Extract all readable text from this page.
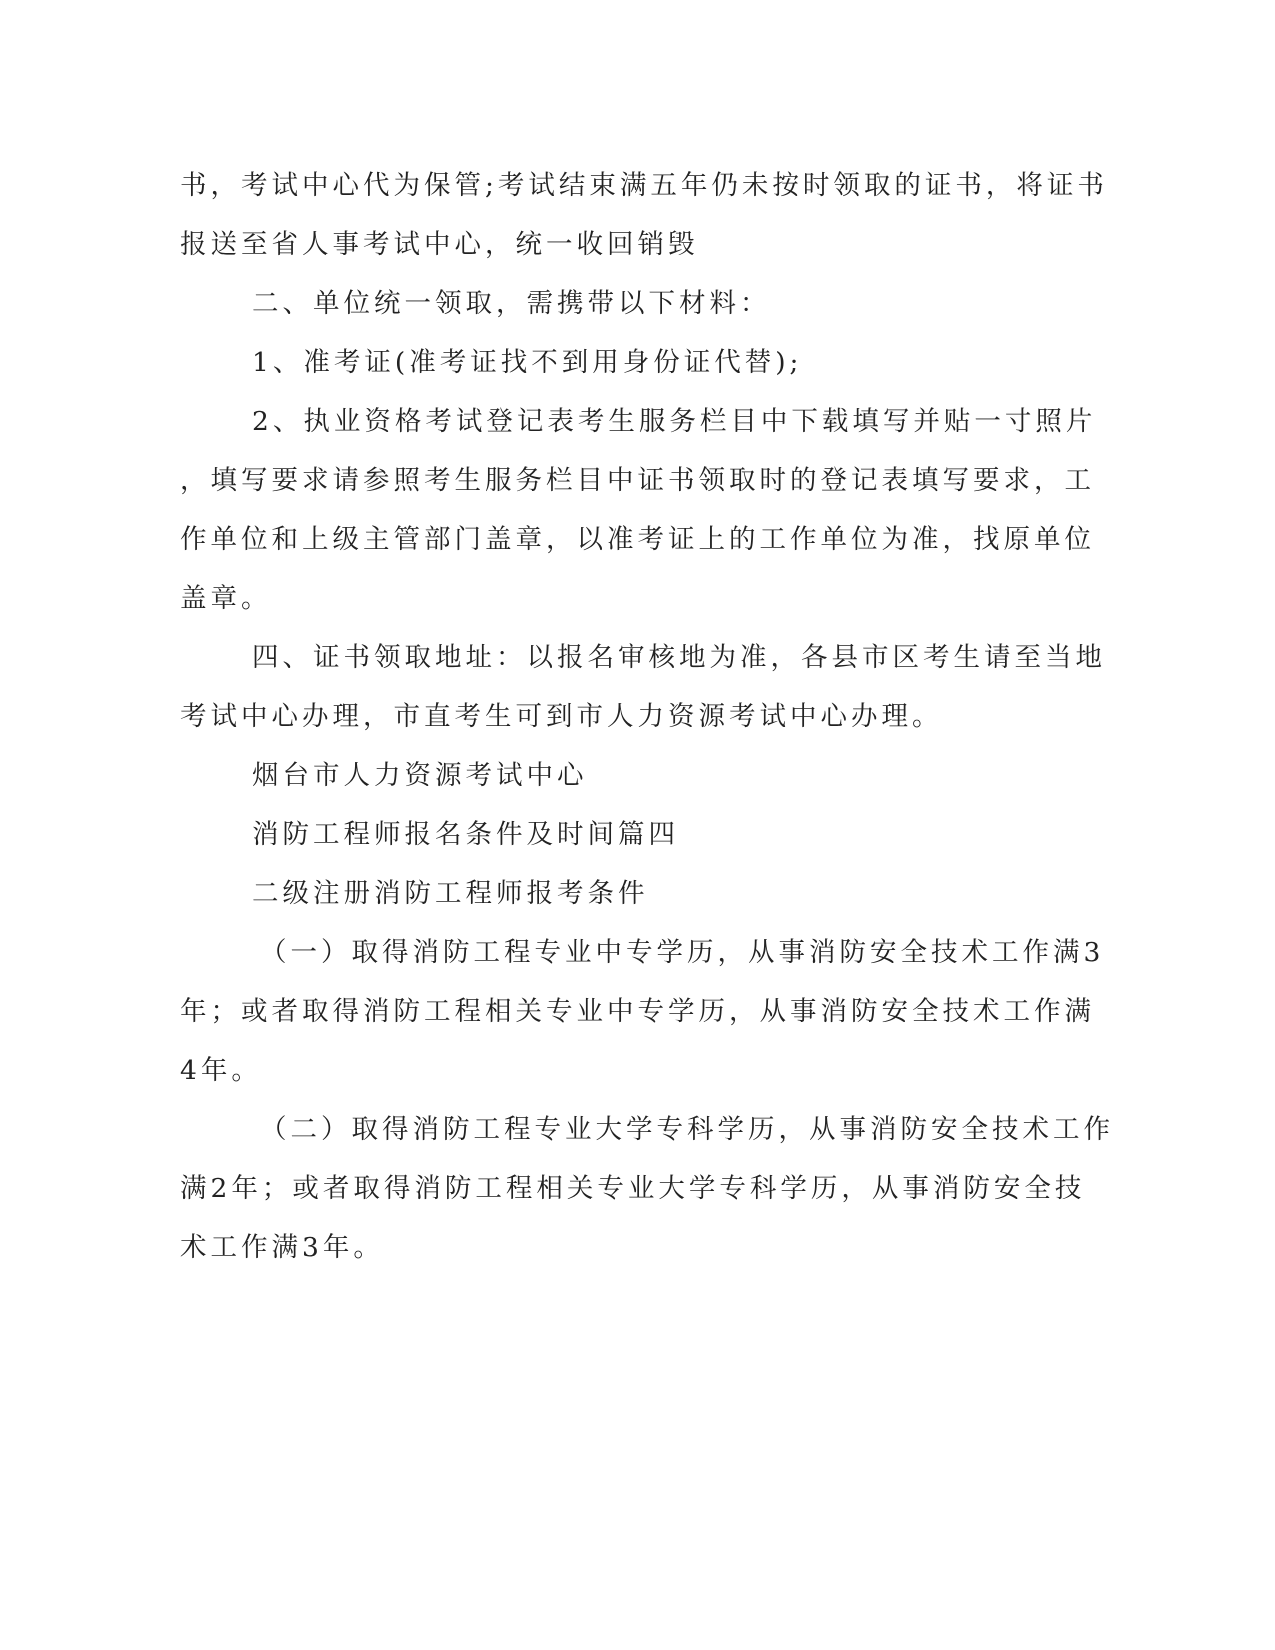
书，考试中心代为保管;考试结束满五年仍未按时领取的证书，将证书
报送至省人事考试中心，统一收回销毁
二、单位统一领取，需携带以下材料：
1、准考证(准考证找不到用身份证代替);
2、执业资格考试登记表考生服务栏目中下载填写并贴一寸照片
，填写要求请参照考生服务栏目中证书领取时的登记表填写要求，工
作单位和上级主管部门盖章，以准考证上的工作单位为准，找原单位
盖章。
四、证书领取地址：以报名审核地为准，各县市区考生请至当地
考试中心办理，市直考生可到市人力资源考试中心办理。
烟台市人力资源考试中心
消防工程师报名条件及时间篇四
二级注册消防工程师报考条件
（一）取得消防工程专业中专学历，从事消防安全技术工作满3
年；或者取得消防工程相关专业中专学历，从事消防安全技术工作满
4年。
（二）取得消防工程专业大学专科学历，从事消防安全技术工作
满2年；或者取得消防工程相关专业大学专科学历，从事消防安全技
术工作满3年。
